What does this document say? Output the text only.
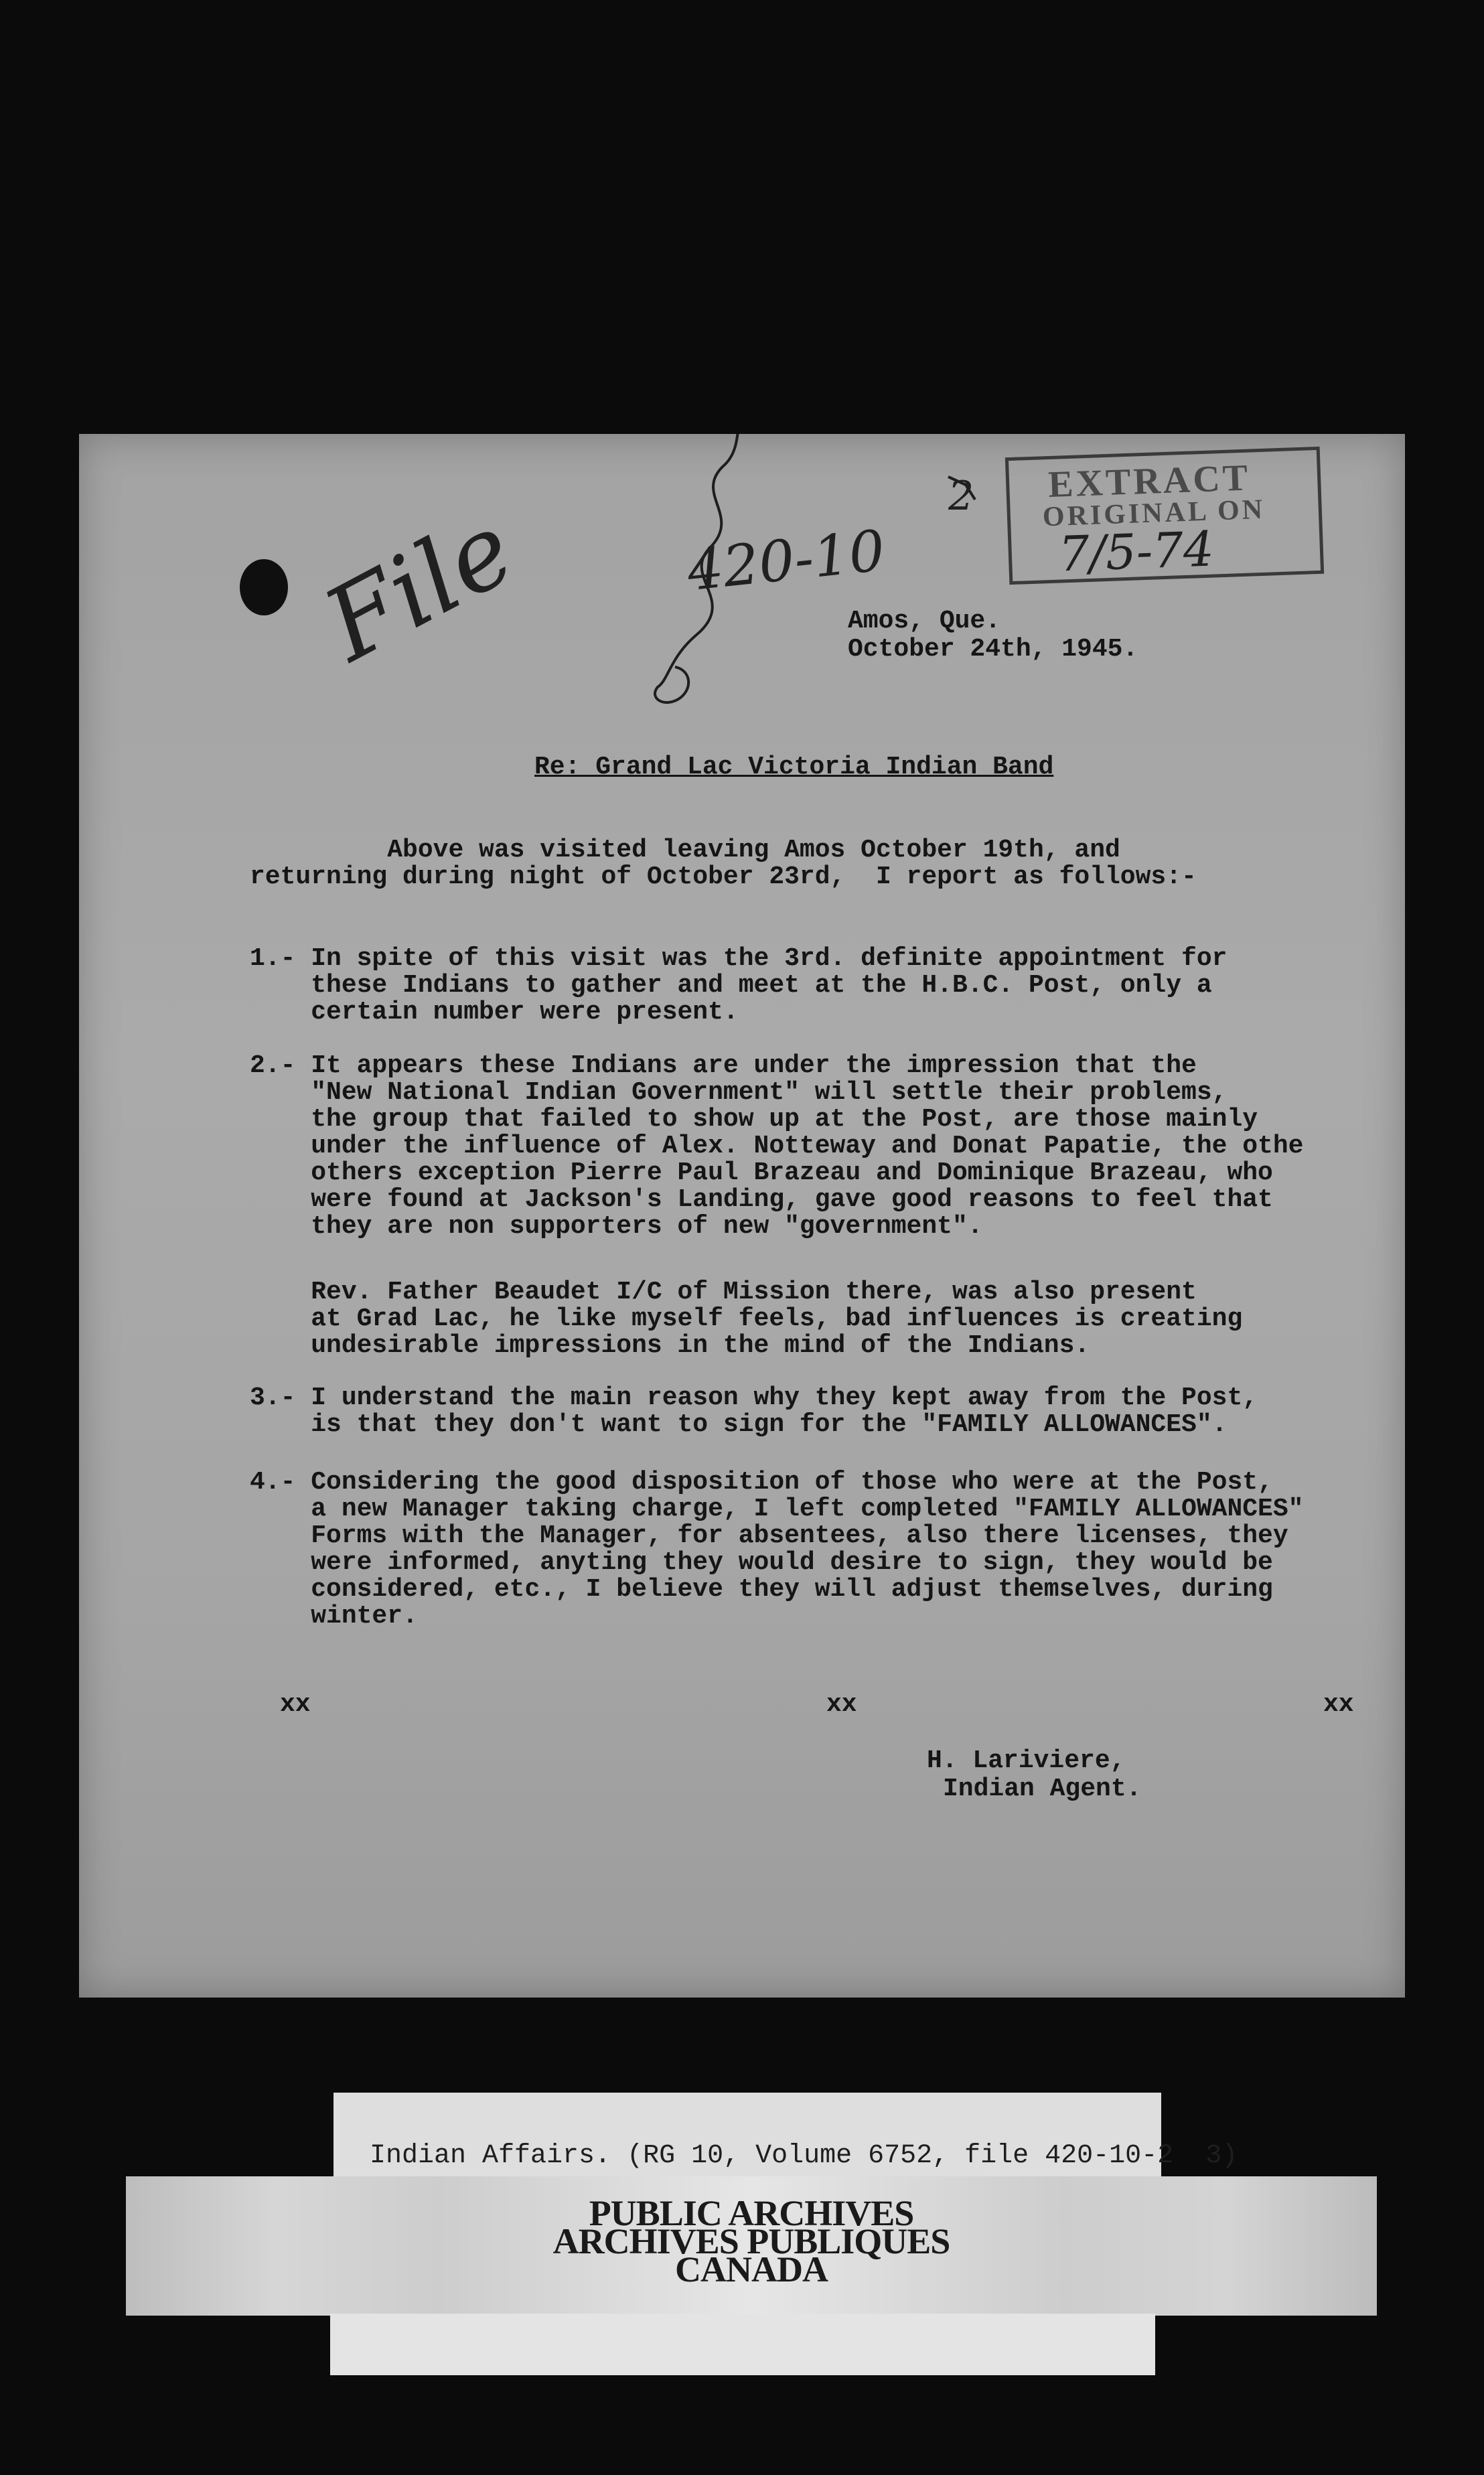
File	420-10
2 EXTRACT
ORIGINAL ON
7/5-74
Amos, Que.
October 24th, 1945.
Re: Grand Lac Victoria Indian Band
Above was visited leaving Amos October 19th, and
returning during night of October 23rd,  I report as follows:-
1.- In spite of this visit was the 3rd. definite appointment for
these Indians to gather and meet at the H.B.C. Post, only a
certain number were present.
2.- It appears these Indians are under the impression that the
"New National Indian Government" will settle their problems,
the group that failed to show up at the Post, are those mainly
under the influence of Alex. Notteway and Donat Papatie, the othe
others exception Pierre Paul Brazeau and Dominique Brazeau, who
were found at Jackson's Landing, gave good reasons to feel that
they are non supporters of new "government".
Rev. Father Beaudet I/C of Mission there, was also present
at Grad Lac, he like myself feels, bad influences is creating
undesirable impressions in the mind of the Indians.
3.- I understand the main reason why they kept away from the Post,
is that they don't want to sign for the "FAMILY ALLOWANCES".
4.- Considering the good disposition of those who were at the Post,
a new Manager taking charge, I left completed "FAMILY ALLOWANCES"
Forms with the Manager, for absentees, also there licenses, they
were informed, anyting they would desire to sign, they would be
considered, etc., I believe they will adjust themselves, during
winter.
xx	xx	xx
H. Lariviere,
Indian Agent.
Indian Affairs. (RG 10, Volume 6752, file 420-10-2  3)
PUBLIC ARCHIVES
ARCHIVES PUBLIQUES
CANADA
